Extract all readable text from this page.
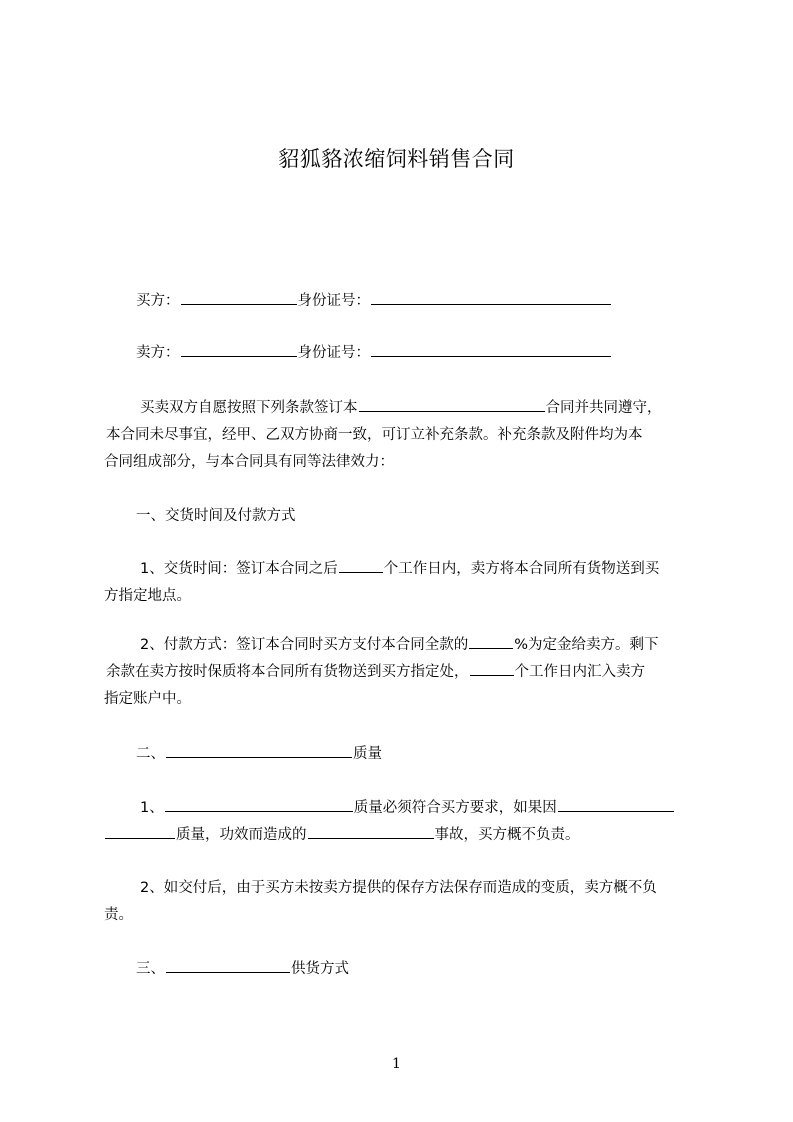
貂狐貉浓缩饲料销售合同
买方：	身份证号：
卖方：	身份证号：
买卖双方自愿按照下列条款签订本	合同并共同遵守，
本合同未尽事宜，经甲、乙双方协商一致，可订立补充条款。补充条款及附件均为本
合同组成部分，与本合同具有同等法律效力：
一、交货时间及付款方式
1、交货时间：签订本合同之后	个工作日内，卖方将本合同所有货物送到买
方指定地点。
2、付款方式：签订本合同时买方支付本合同全款的	%为定金给卖方。剩下
余款在卖方按时保质将本合同所有货物送到买方指定处，	个工作日内汇入卖方
指定账户中。
二、	质量
1、	质量必须符合买方要求，如果因
质量，功效而造成的	事故，买方概不负责。
2、如交付后，由于买方未按卖方提供的保存方法保存而造成的变质，卖方概不负
责。
三、	供货方式
1
